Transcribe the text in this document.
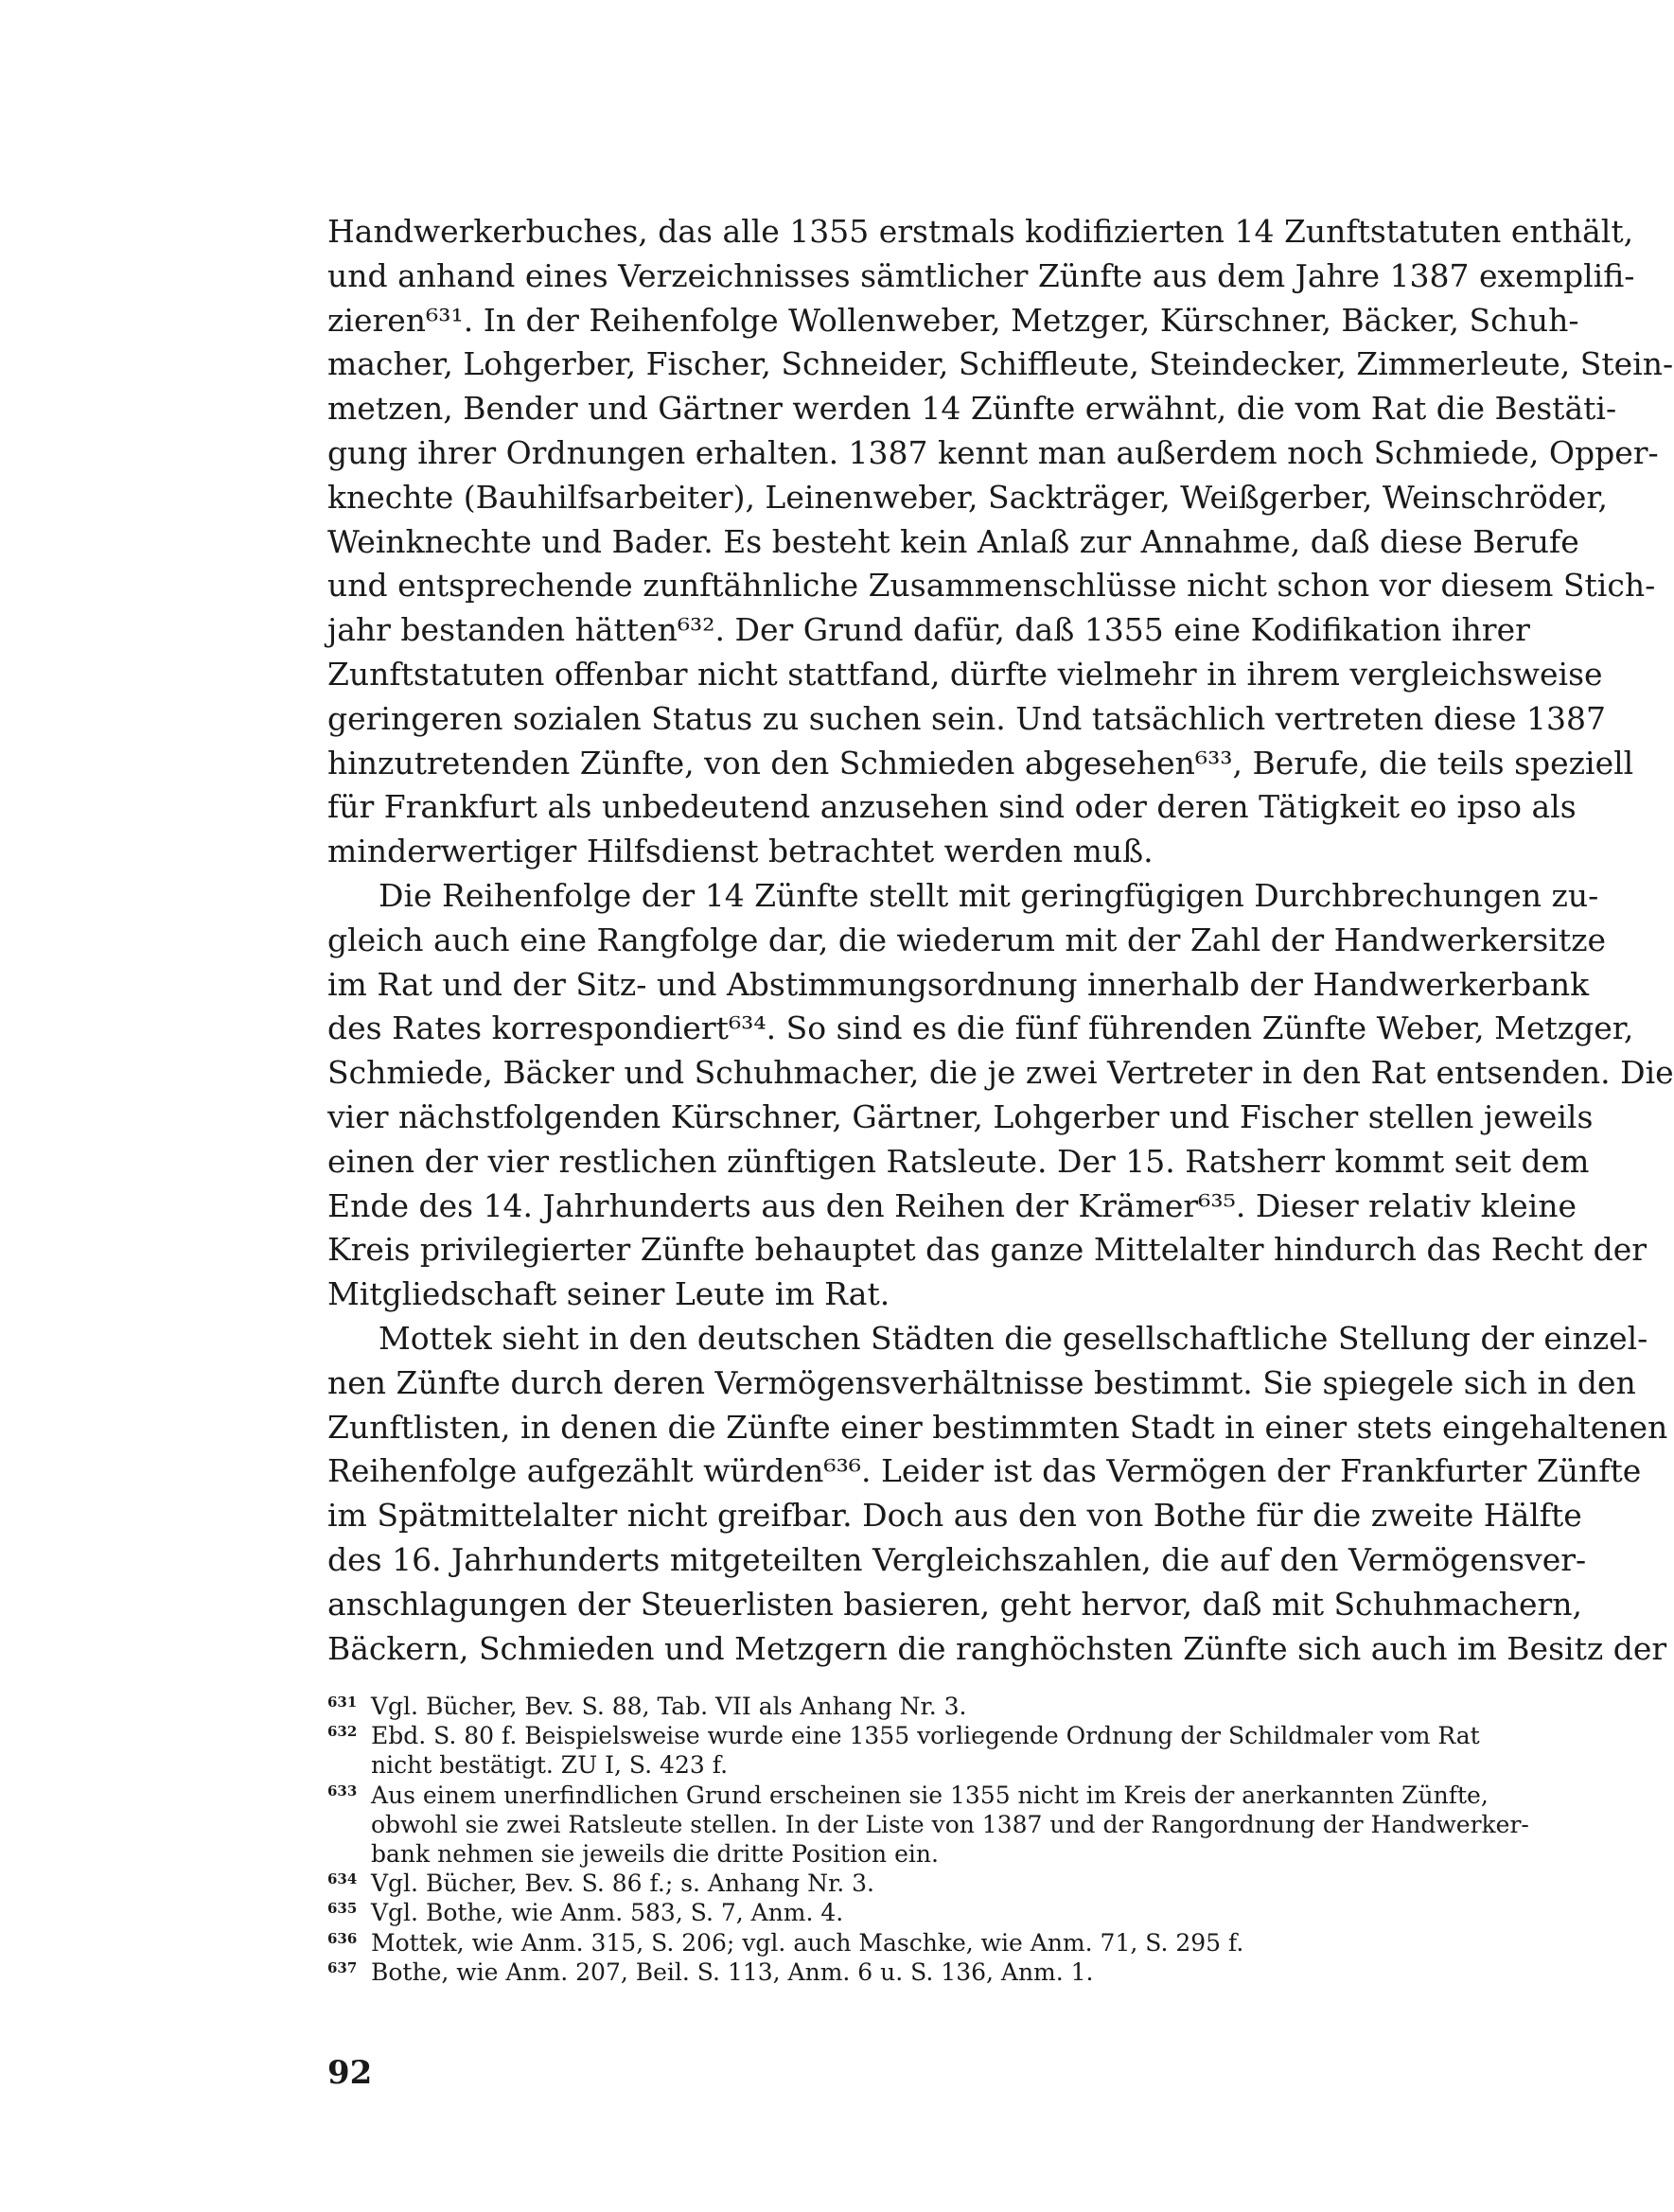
Handwerkerbuches, das alle 1355 erstmals kodifizierten 14 Zunftstatuten enthält,
und anhand eines Verzeichnisses sämtlicher Zünfte aus dem Jahre 1387 exemplifi-
zieren⁶³¹. In der Reihenfolge Wollenweber, Metzger, Kürschner, Bäcker, Schuh-
macher, Lohgerber, Fischer, Schneider, Schiffleute, Steindecker, Zimmerleute, Stein-
metzen, Bender und Gärtner werden 14 Zünfte erwähnt, die vom Rat die Bestäti-
gung ihrer Ordnungen erhalten. 1387 kennt man außerdem noch Schmiede, Opper-
knechte (Bauhilfsarbeiter), Leinenweber, Sackträger, Weißgerber, Weinschröder,
Weinknechte und Bader. Es besteht kein Anlaß zur Annahme, daß diese Berufe
und entsprechende zunftähnliche Zusammenschlüsse nicht schon vor diesem Stich-
jahr bestanden hätten⁶³². Der Grund dafür, daß 1355 eine Kodifikation ihrer
Zunftstatuten offenbar nicht stattfand, dürfte vielmehr in ihrem vergleichsweise
geringeren sozialen Status zu suchen sein. Und tatsächlich vertreten diese 1387
hinzutretenden Zünfte, von den Schmieden abgesehen⁶³³, Berufe, die teils speziell
für Frankfurt als unbedeutend anzusehen sind oder deren Tätigkeit eo ipso als
minderwertiger Hilfsdienst betrachtet werden muß.
Die Reihenfolge der 14 Zünfte stellt mit geringfügigen Durchbrechungen zu-
gleich auch eine Rangfolge dar, die wiederum mit der Zahl der Handwerkersitze
im Rat und der Sitz- und Abstimmungsordnung innerhalb der Handwerkerbank
des Rates korrespondiert⁶³⁴. So sind es die fünf führenden Zünfte Weber, Metzger,
Schmiede, Bäcker und Schuhmacher, die je zwei Vertreter in den Rat entsenden. Die
vier nächstfolgenden Kürschner, Gärtner, Lohgerber und Fischer stellen jeweils
einen der vier restlichen zünftigen Ratsleute. Der 15. Ratsherr kommt seit dem
Ende des 14. Jahrhunderts aus den Reihen der Krämer⁶³⁵. Dieser relativ kleine
Kreis privilegierter Zünfte behauptet das ganze Mittelalter hindurch das Recht der
Mitgliedschaft seiner Leute im Rat.
Mottek sieht in den deutschen Städten die gesellschaftliche Stellung der einzel-
nen Zünfte durch deren Vermögensverhältnisse bestimmt. Sie spiegele sich in den
Zunftlisten, in denen die Zünfte einer bestimmten Stadt in einer stets eingehaltenen
Reihenfolge aufgezählt würden⁶³⁶. Leider ist das Vermögen der Frankfurter Zünfte
im Spätmittelalter nicht greifbar. Doch aus den von Bothe für die zweite Hälfte
des 16. Jahrhunderts mitgeteilten Vergleichszahlen, die auf den Vermögensver-
anschlagungen der Steuerlisten basieren, geht hervor, daß mit Schuhmachern,
Bäckern, Schmieden und Metzgern die ranghöchsten Zünfte sich auch im Besitz der
631 Vgl. Bücher, Bev. S. 88, Tab. VII als Anhang Nr. 3.
632 Ebd. S. 80 f. Beispielsweise wurde eine 1355 vorliegende Ordnung der Schildmaler vom Rat
nicht bestätigt. ZU I, S. 423 f.
633 Aus einem unerfindlichen Grund erscheinen sie 1355 nicht im Kreis der anerkannten Zünfte,
obwohl sie zwei Ratsleute stellen. In der Liste von 1387 und der Rangordnung der Handwerker-
bank nehmen sie jeweils die dritte Position ein.
634 Vgl. Bücher, Bev. S. 86 f.; s. Anhang Nr. 3.
635 Vgl. Bothe, wie Anm. 583, S. 7, Anm. 4.
636 Mottek, wie Anm. 315, S. 206; vgl. auch Maschke, wie Anm. 71, S. 295 f.
637 Bothe, wie Anm. 207, Beil. S. 113, Anm. 6 u. S. 136, Anm. 1.
92
